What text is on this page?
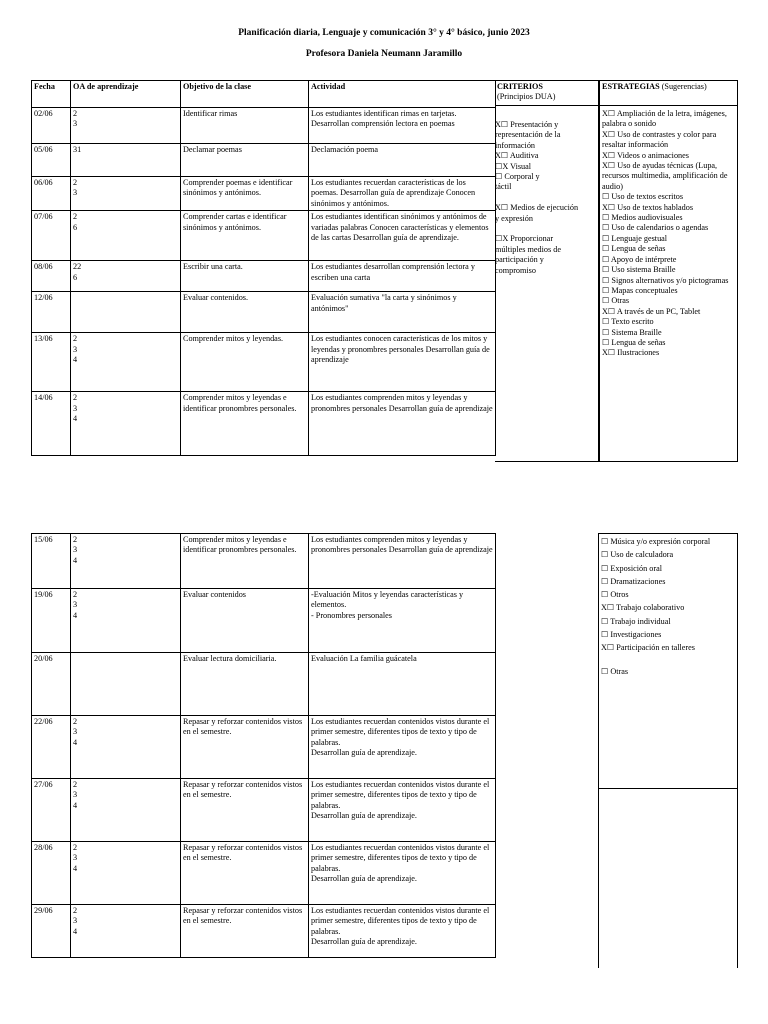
Planificación diaria, Lenguaje y comunicación 3° y 4° básico, junio 2023
Profesora Daniela Neumann Jaramillo
Fecha	OA de aprendizaje	Objetivo de la clase	Actividad
02/06	2
3	Identificar rimas	Los estudiantes identifican rimas en tarjetas.
Desarrollan comprensión lectora en poemas
05/06	31	Declamar poemas	Declamación poema
06/06	2
3	Comprender poemas e identificar sinónimos y antónimos.	Los estudiantes recuerdan características de los poemas. Desarrollan guía de aprendizaje Conocen sinónimos y antónimos.
07/06	2
6	Comprender cartas e identificar sinónimos y antónimos.	Los estudiantes identifican sinónimos y antónimos de variadas palabras Conocen características y elementos de las cartas Desarrollan guía de aprendizaje.
08/06	22
6	Escribir una carta.	Los estudiantes desarrollan comprensión lectora y escriben una carta
12/06		Evaluar contenidos.	Evaluación sumativa "la carta y sinónimos y antónimos"
13/06	2
3
4	Comprender mitos y leyendas.	Los estudiantes conocen características de los mitos y leyendas y pronombres personales Desarrollan guía de aprendizaje
14/06	2
3
4	Comprender mitos y leyendas e identificar pronombres personales.	Los estudiantes comprenden mitos y leyendas y pronombres personales Desarrollan guía de aprendizaje
CRITERIOS
(Principios DUA)
X☐ Presentación y
representación de la
información
X☐ Auditiva
☐X Visual
☐ Corporal y
táctil
X☐ Medios de ejecución
y expresión
☐X Proporcionar
múltiples medios de
participación y
compromiso
ESTRATEGIAS (Sugerencias)
X☐ Ampliación de la letra, imágenes, palabra o sonido
X☐ Uso de contrastes y color para resaltar información
X☐ Videos o animaciones
X☐ Uso de ayudas técnicas (Lupa, recursos multimedia, amplificación de audio)
☐ Uso de textos escritos
X☐ Uso de textos hablados
☐ Medios audiovisuales
☐ Uso de calendarios o agendas
☐ Lenguaje gestual
☐ Lengua de señas
☐ Apoyo de intérprete
☐ Uso sistema Braille
☐ Signos alternativos y/o pictogramas
☐ Mapas conceptuales
☐ Otras
X☐ A través de un PC, Tablet
☐ Texto escrito
☐ Sistema Braille
☐ Lengua de señas
X☐ Ilustraciones
15/06	2
3
4	Comprender mitos y leyendas e identificar pronombres personales.	Los estudiantes comprenden mitos y leyendas y pronombres personales Desarrollan guía de aprendizaje
19/06	2
3
4	Evaluar contenidos	-Evaluación Mitos y leyendas características y elementos.
- Pronombres personales
20/06		Evaluar lectura domiciliaria.	Evaluación La familia guácatela
22/06	2
3
4	Repasar y reforzar contenidos vistos en el semestre.	Los estudiantes recuerdan contenidos vistos durante el primer semestre, diferentes tipos de texto y tipo de palabras.
Desarrollan guía de aprendizaje.
27/06	2
3
4	Repasar y reforzar contenidos vistos en el semestre.	Los estudiantes recuerdan contenidos vistos durante el primer semestre, diferentes tipos de texto y tipo de palabras.
Desarrollan guía de aprendizaje.
28/06	2
3
4	Repasar y reforzar contenidos vistos en el semestre.	Los estudiantes recuerdan contenidos vistos durante el primer semestre, diferentes tipos de texto y tipo de palabras.
Desarrollan guía de aprendizaje.
29/06	2
3
4	Repasar y reforzar contenidos vistos en el semestre.	Los estudiantes recuerdan contenidos vistos durante el primer semestre, diferentes tipos de texto y tipo de palabras.
Desarrollan guía de aprendizaje.
☐ Música y/o expresión corporal
☐ Uso de calculadora
☐ Exposición oral
☐ Dramatizaciones
☐ Otros
X☐ Trabajo colaborativo
☐ Trabajo individual
☐ Investigaciones
X☐ Participación en talleres
☐ Otras
